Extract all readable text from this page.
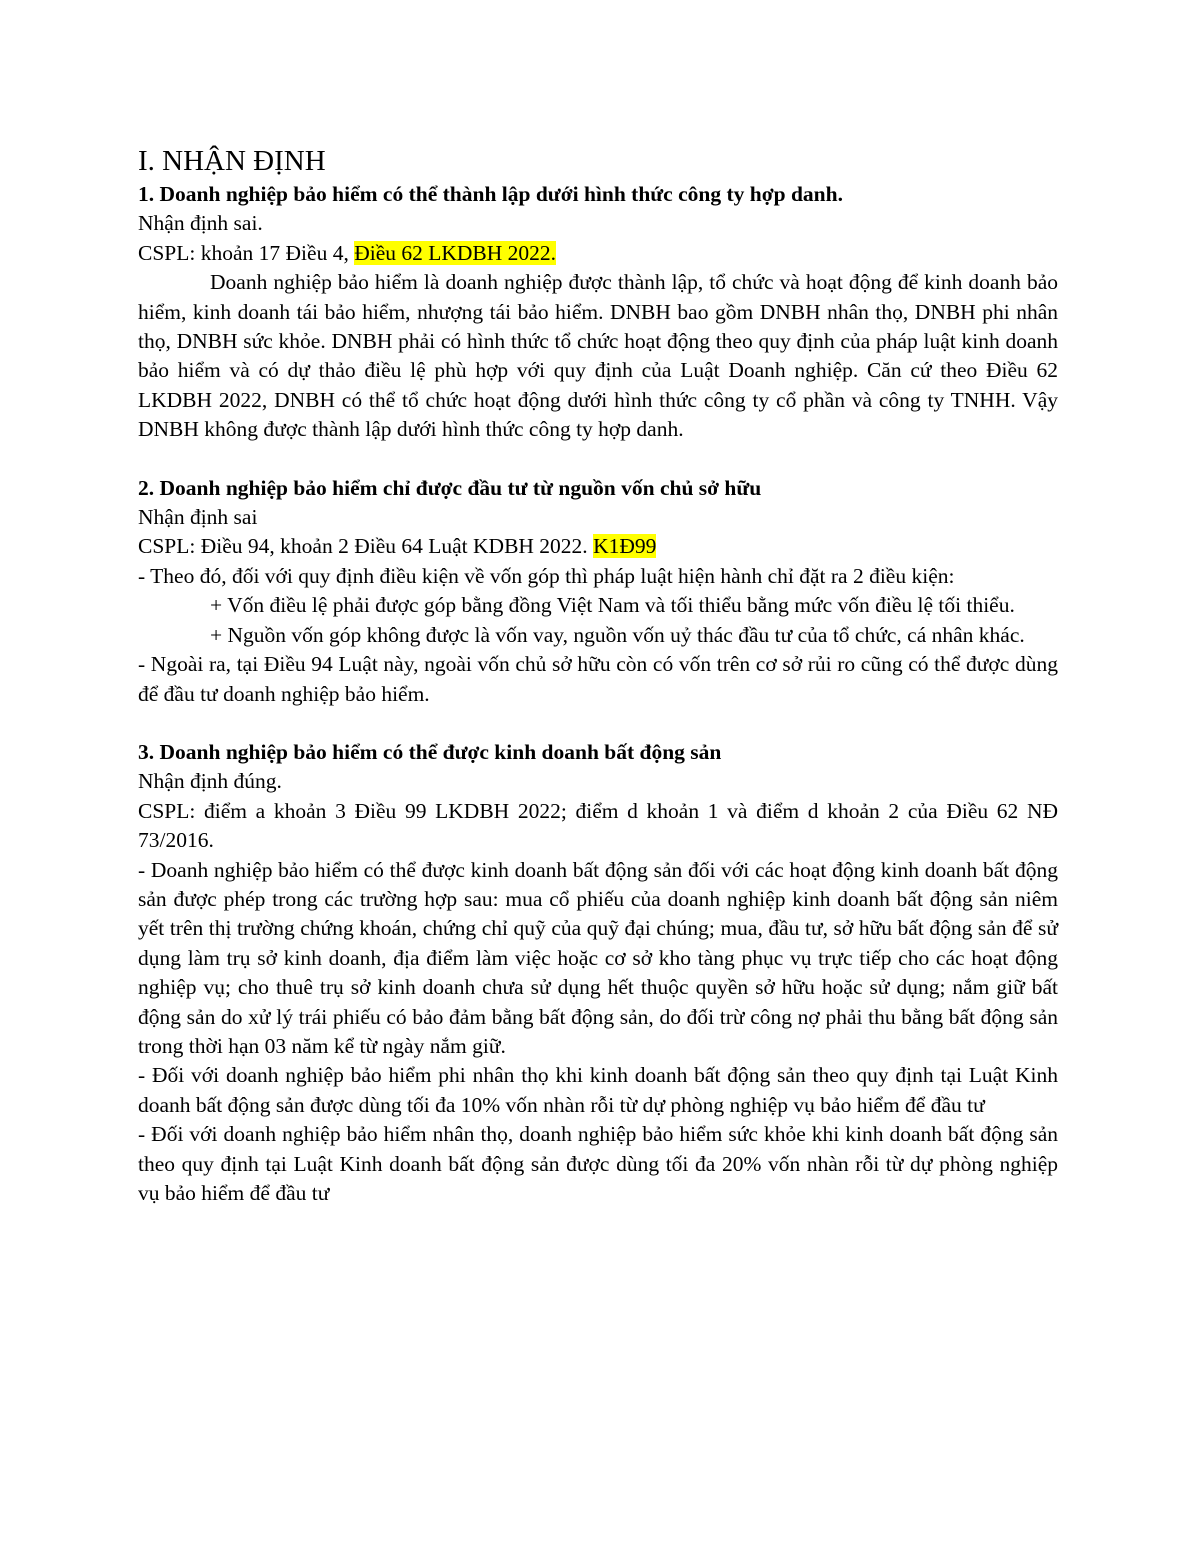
I. NHẬN ĐỊNH

1. Doanh nghiệp bảo hiểm có thể thành lập dưới hình thức công ty hợp danh.

Nhận định sai.

CSPL: khoản 17 Điều 4, Điều 62 LKDBH 2022.

Doanh nghiệp bảo hiểm là doanh nghiệp được thành lập, tổ chức và hoạt động để kinh doanh bảo hiểm, kinh doanh tái bảo hiểm, nhượng tái bảo hiểm. DNBH bao gồm DNBH nhân thọ, DNBH phi nhân thọ, DNBH sức khỏe. DNBH phải có hình thức tổ chức hoạt động theo quy định của pháp luật kinh doanh bảo hiểm và có dự thảo điều lệ phù hợp với quy định của Luật Doanh nghiệp. Căn cứ theo Điều 62 LKDBH 2022, DNBH có thể tổ chức hoạt động dưới hình thức công ty cổ phần và công ty TNHH. Vậy DNBH không được thành lập dưới hình thức công ty hợp danh.

2. Doanh nghiệp bảo hiểm chỉ được đầu tư từ nguồn vốn chủ sở hữu

Nhận định sai

CSPL: Điều 94, khoản 2 Điều 64 Luật KDBH 2022. K1Đ99

- Theo đó, đối với quy định điều kiện về vốn góp thì pháp luật hiện hành chỉ đặt ra 2 điều kiện:

+ Vốn điều lệ phải được góp bằng đồng Việt Nam và tối thiểu bằng mức vốn điều lệ tối thiểu.

+ Nguồn vốn góp không được là vốn vay, nguồn vốn uỷ thác đầu tư của tổ chức, cá nhân khác.

- Ngoài ra, tại Điều 94 Luật này, ngoài vốn chủ sở hữu còn có vốn trên cơ sở rủi ro cũng có thể được dùng để đầu tư doanh nghiệp bảo hiểm.

3. Doanh nghiệp bảo hiểm có thể được kinh doanh bất động sản

Nhận định đúng.

CSPL: điểm a khoản 3 Điều 99 LKDBH 2022; điểm d khoản 1 và điểm d khoản 2 của Điều 62 NĐ 73/2016.

- Doanh nghiệp bảo hiểm có thể được kinh doanh bất động sản đối với các hoạt động kinh doanh bất động sản được phép trong các trường hợp sau: mua cổ phiếu của doanh nghiệp kinh doanh bất động sản niêm yết trên thị trường chứng khoán, chứng chỉ quỹ của quỹ đại chúng; mua, đầu tư, sở hữu bất động sản để sử dụng làm trụ sở kinh doanh, địa điểm làm việc hoặc cơ sở kho tàng phục vụ trực tiếp cho các hoạt động nghiệp vụ; cho thuê trụ sở kinh doanh chưa sử dụng hết thuộc quyền sở hữu hoặc sử dụng; nắm giữ bất động sản do xử lý trái phiếu có bảo đảm bằng bất động sản, do đối trừ công nợ phải thu bằng bất động sản trong thời hạn 03 năm kể từ ngày nắm giữ.

- Đối với doanh nghiệp bảo hiểm phi nhân thọ khi kinh doanh bất động sản theo quy định tại Luật Kinh doanh bất động sản được dùng tối đa 10% vốn nhàn rỗi từ dự phòng nghiệp vụ bảo hiểm để đầu tư

- Đối với doanh nghiệp bảo hiểm nhân thọ, doanh nghiệp bảo hiểm sức khỏe khi kinh doanh bất động sản theo quy định tại Luật Kinh doanh bất động sản được dùng tối đa 20% vốn nhàn rỗi từ dự phòng nghiệp vụ bảo hiểm để đầu tư
